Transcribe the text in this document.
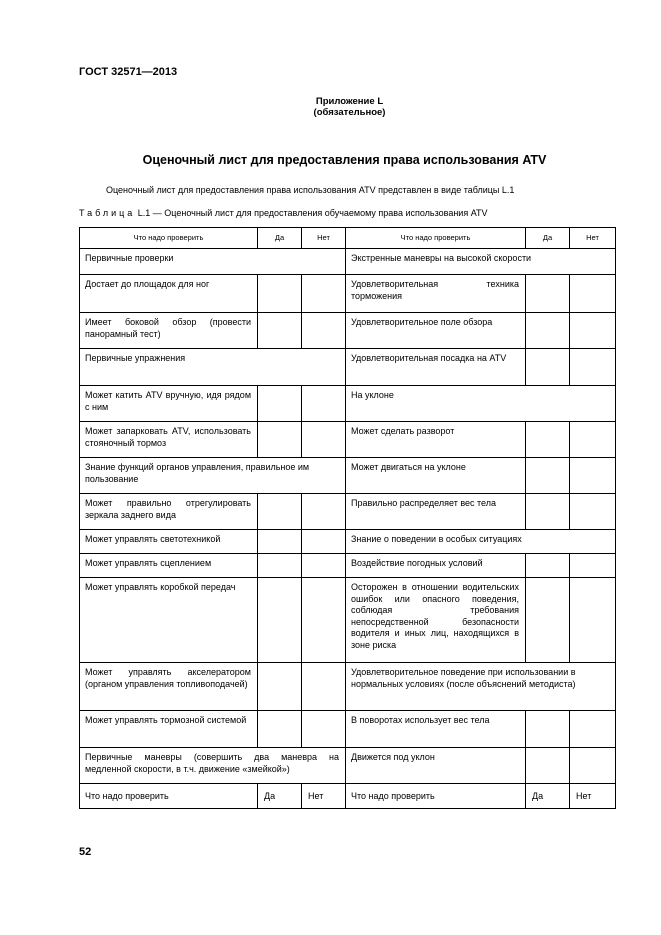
ГОСТ 32571—2013
Приложение L
(обязательное)
Оценочный лист для предоставления права использования ATV
Оценочный лист для предоставления права использования ATV представлен в виде таблицы L.1
Таблица L.1 — Оценочный лист для предоставления обучаемому права использования ATV
Что надо проверить	Да	Нет	Что надо проверить	Да	Нет
Первичные проверки			Экстренные маневры на высокой скорости		
Достает до площадок для ног			Удовлетворительная техника торможения		
Имеет боковой обзор (провести панорамный тест)			Удовлетворительное поле обзора		
Первичные упражнения			Удовлетворительная посадка на ATV		
Может катить ATV вручную, идя рядом с ним			На уклоне		
Может запарковать ATV, использовать стояночный тормоз			Может сделать разворот		
Знание функций органов управления, правильное им пользование			Может двигаться на уклоне		
Может правильно отрегулировать зеркала заднего вида			Правильно распределяет вес тела		
Может управлять светотехникой			Знание о поведении в особых ситуациях		
Может управлять сцеплением			Воздействие погодных условий		
Может управлять коробкой передач			Осторожен в отношении водительских ошибок или опасного поведения, соблюдая требования непосредственной безопасности водителя и иных лиц, находящихся в зоне риска		
Может управлять акселератором (органом управления топливоподачей)			Удовлетворительное поведение при использовании в нормальных условиях (после объяснений методиста)		
Может управлять тормозной системой			В поворотах использует вес тела		
Первичные маневры (совершить два маневра на медленной скорости, в т.ч. движение «змейкой»)			Движется под уклон		
Что надо проверить	Да	Нет	Что надо проверить	Да	Нет
52
